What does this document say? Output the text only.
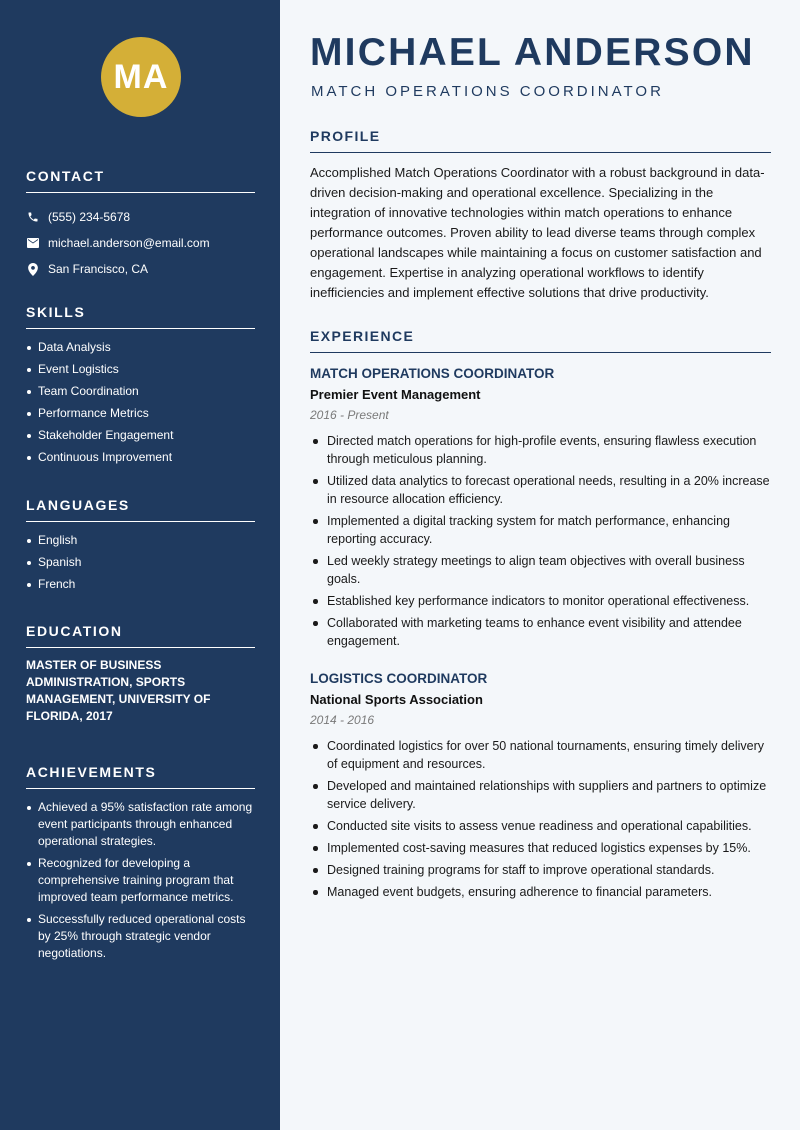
MA
CONTACT
(555) 234-5678
michael.anderson@email.com
San Francisco, CA
SKILLS
Data Analysis
Event Logistics
Team Coordination
Performance Metrics
Stakeholder Engagement
Continuous Improvement
LANGUAGES
English
Spanish
French
EDUCATION
MASTER OF BUSINESS ADMINISTRATION, SPORTS MANAGEMENT, UNIVERSITY OF FLORIDA, 2017
ACHIEVEMENTS
Achieved a 95% satisfaction rate among event participants through enhanced operational strategies.
Recognized for developing a comprehensive training program that improved team performance metrics.
Successfully reduced operational costs by 25% through strategic vendor negotiations.
MICHAEL ANDERSON
MATCH OPERATIONS COORDINATOR
PROFILE

Accomplished Match Operations Coordinator with a robust background in data-driven decision-making and operational excellence. Specializing in the integration of innovative technologies within match operations to enhance performance outcomes. Proven ability to lead diverse teams through complex operational landscapes while maintaining a focus on customer satisfaction and engagement. Expertise in analyzing operational workflows to identify inefficiencies and implement effective solutions that drive productivity.

EXPERIENCE
MATCH OPERATIONS COORDINATOR
Premier Event Management
2016 - Present
Directed match operations for high-profile events, ensuring flawless execution through meticulous planning.
Utilized data analytics to forecast operational needs, resulting in a 20% increase in resource allocation efficiency.
Implemented a digital tracking system for match performance, enhancing reporting accuracy.
Led weekly strategy meetings to align team objectives with overall business goals.
Established key performance indicators to monitor operational effectiveness.
Collaborated with marketing teams to enhance event visibility and attendee engagement.
LOGISTICS COORDINATOR
National Sports Association
2014 - 2016
Coordinated logistics for over 50 national tournaments, ensuring timely delivery of equipment and resources.
Developed and maintained relationships with suppliers and partners to optimize service delivery.
Conducted site visits to assess venue readiness and operational capabilities.
Implemented cost-saving measures that reduced logistics expenses by 15%.
Designed training programs for staff to improve operational standards.
Managed event budgets, ensuring adherence to financial parameters.
